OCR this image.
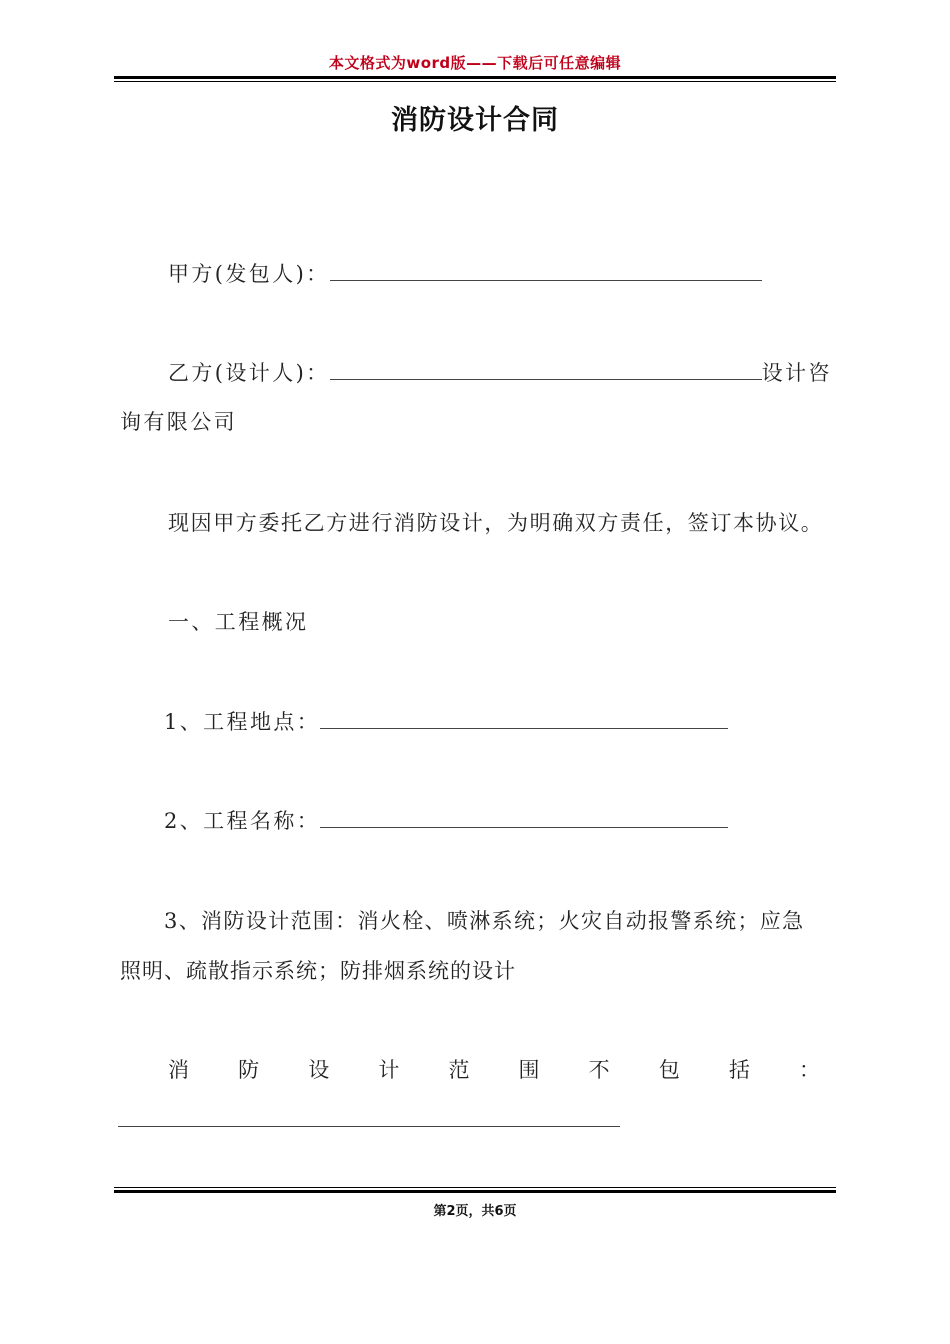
本文格式为word版——下载后可任意编辑
消防设计合同
甲方(发包人)：
乙方(设计人)：	设计咨
询有限公司
现因甲方委托乙方进行消防设计，为明确双方责任，签订本协议。
一、工程概况
1、工程地点：
2、工程名称：
3、消防设计范围：消火栓、喷淋系统；火灾自动报警系统；应急
照明、疏散指示系统；防排烟系统的设计
消 防 设 计 范 围 不 包 括 ：
第2页，共6页
